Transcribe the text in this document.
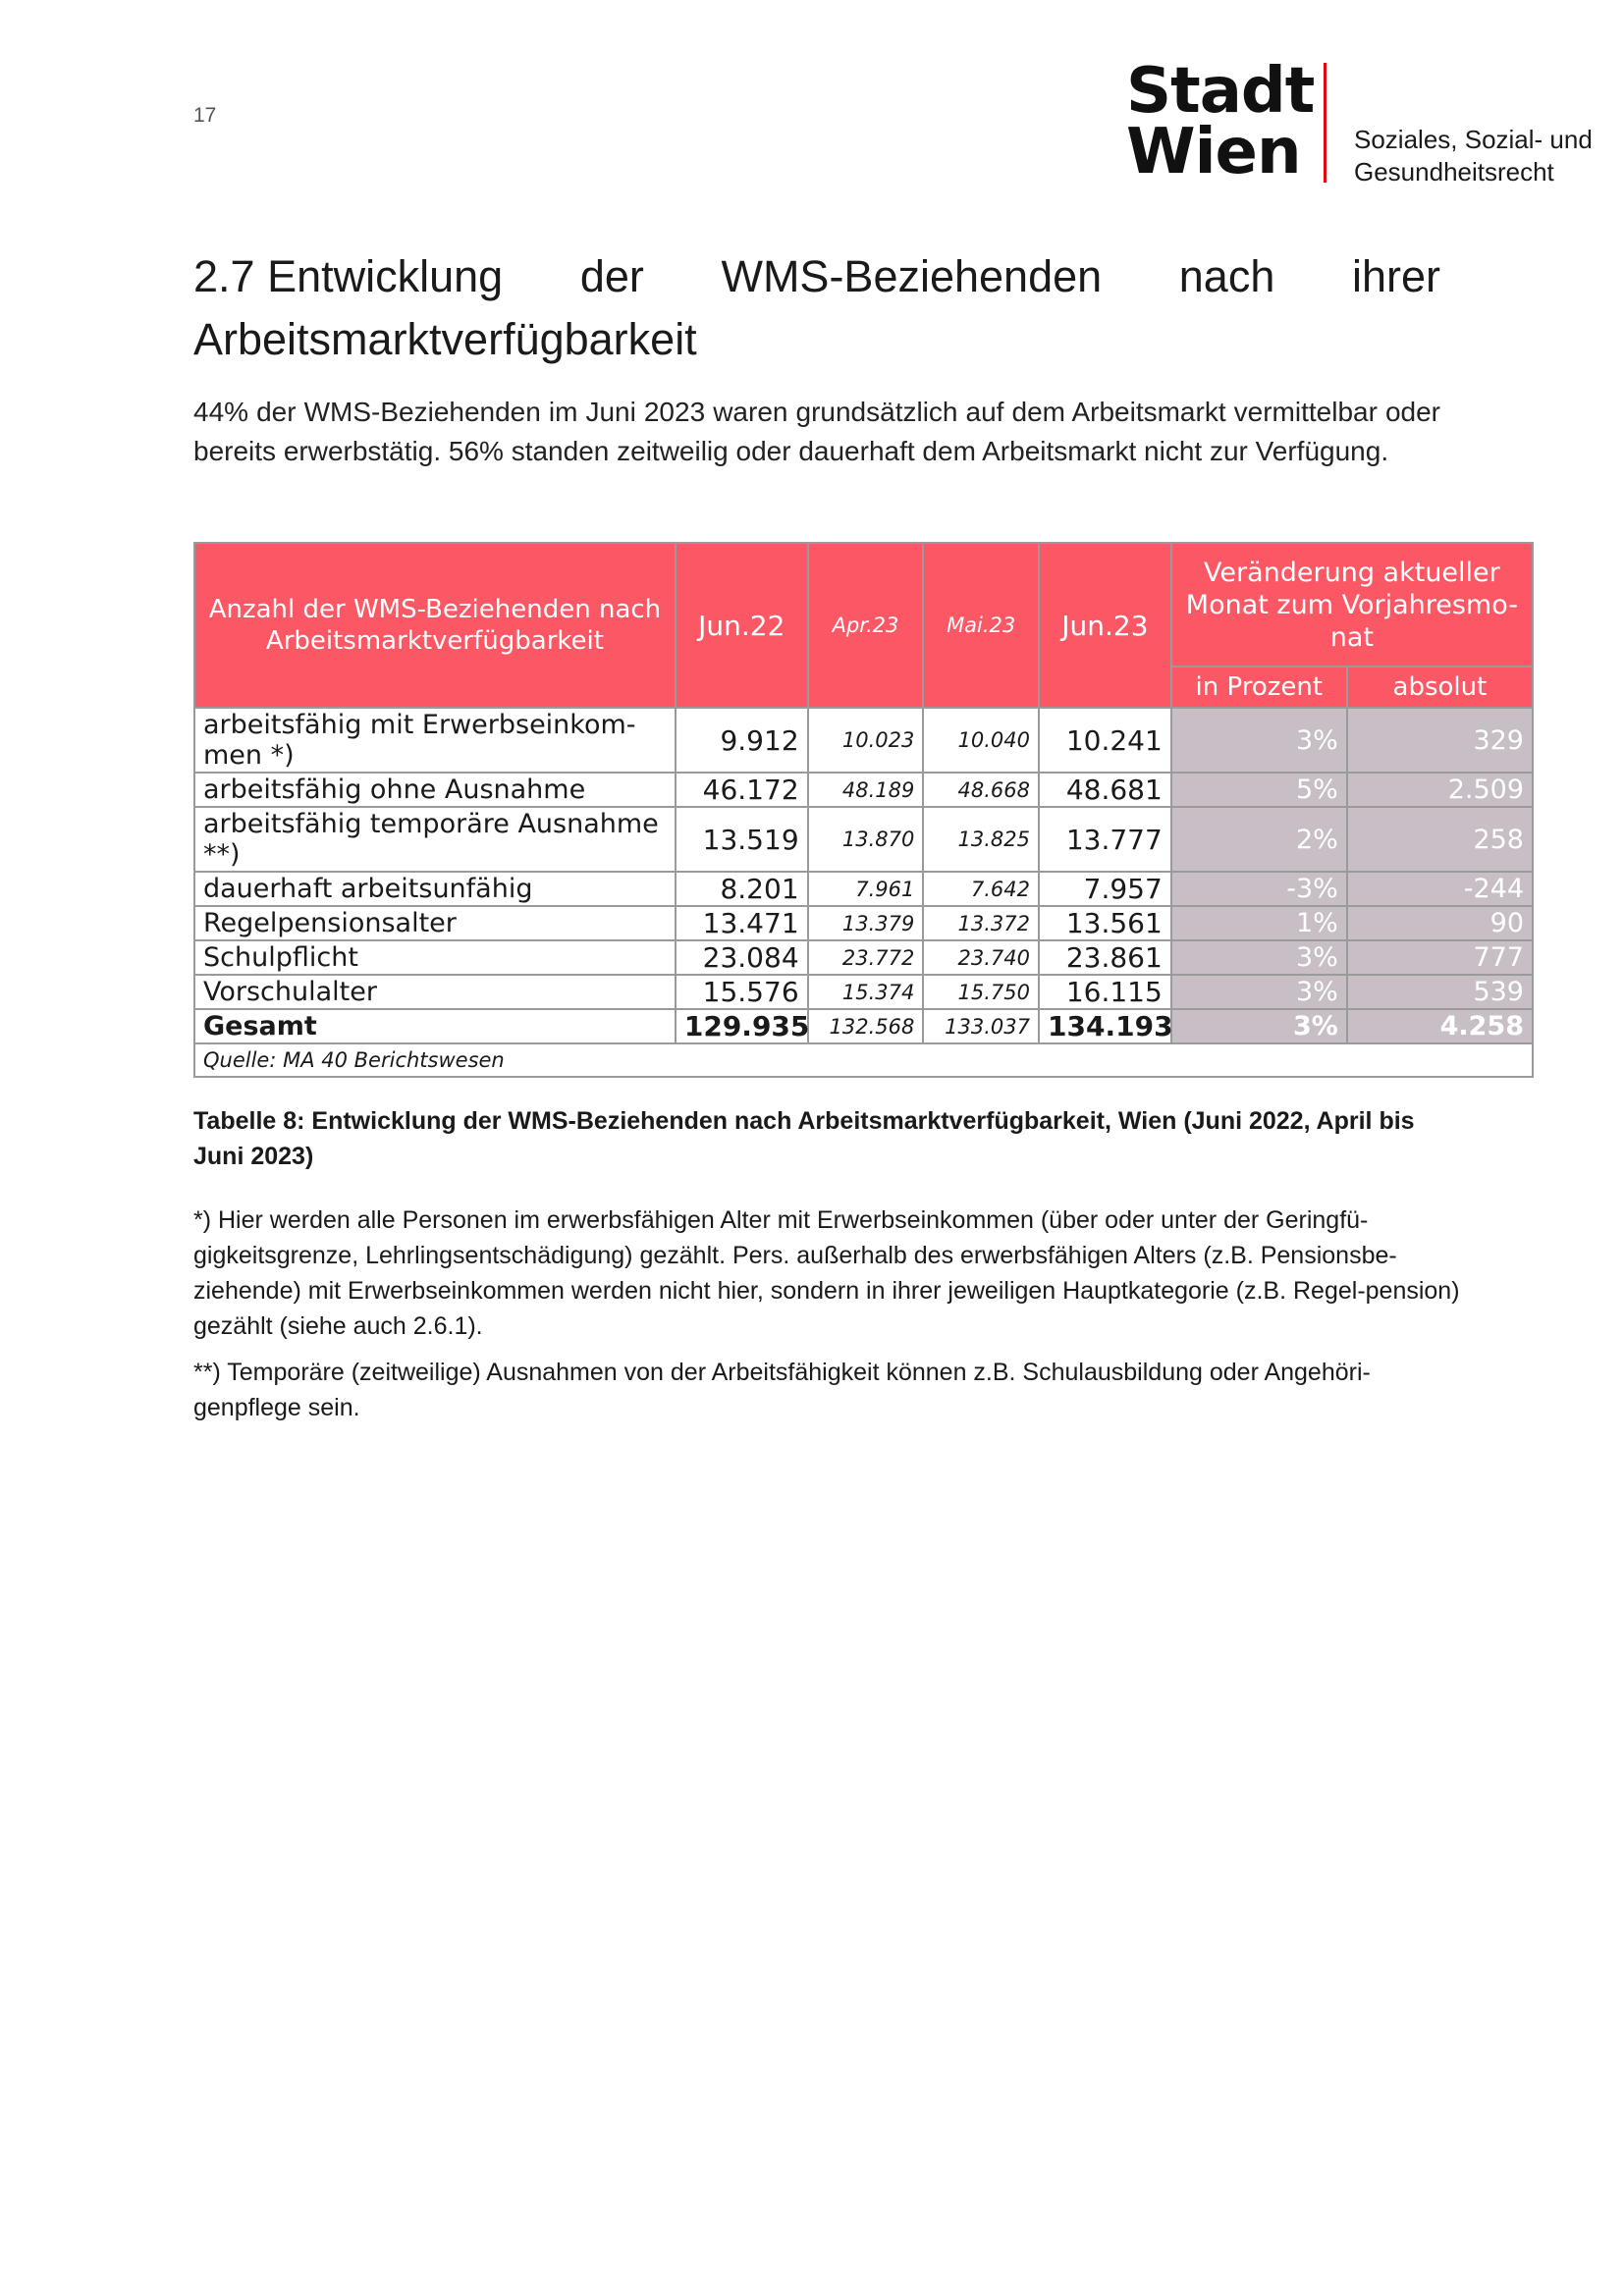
17	Stadt
Wien	Soziales, Sozial- und
Gesundheitsrecht
2.7 Entwicklung der WMS-Beziehenden nach ihrer
Arbeitsmarktverfügbarkeit
44% der WMS-Beziehenden im Juni 2023 waren grundsätzlich auf dem Arbeitsmarkt vermittelbar oder bereits erwerbstätig. 56% standen zeitweilig oder dauerhaft dem Arbeitsmarkt nicht zur Verfügung.
Anzahl der WMS-Beziehenden nach Arbeitsmarktverfügbarkeit	Jun.22	Apr.23	Mai.23	Jun.23	Veränderung aktueller Monat zum Vorjahresmo-nat	
					in Prozent	absolut
arbeitsfähig mit Erwerbseinkom-men *)	9.912	10.023	10.040	10.241	3%	329
arbeitsfähig ohne Ausnahme	46.172	48.189	48.668	48.681	5%	2.509
arbeitsfähig temporäre Ausnahme **)	13.519	13.870	13.825	13.777	2%	258
dauerhaft arbeitsunfähig	8.201	7.961	7.642	7.957	-3%	-244
Regelpensionsalter	13.471	13.379	13.372	13.561	1%	90
Schulpflicht	23.084	23.772	23.740	23.861	3%	777
Vorschulalter	15.576	15.374	15.750	16.115	3%	539
Gesamt	129.935	132.568	133.037	134.193	3%	4.258
Quelle: MA 40 Berichtswesen						
Tabelle 8: Entwicklung der WMS-Beziehenden nach Arbeitsmarktverfügbarkeit, Wien (Juni 2022, April bis Juni 2023)
*) Hier werden alle Personen im erwerbsfähigen Alter mit Erwerbseinkommen (über oder unter der Geringfü-gigkeitsgrenze, Lehrlingsentschädigung) gezählt. Pers. außerhalb des erwerbsfähigen Alters (z.B. Pensionsbe-ziehende) mit Erwerbseinkommen werden nicht hier, sondern in ihrer jeweiligen Hauptkategorie (z.B. Regel-pension) gezählt (siehe auch 2.6.1).
**) Temporäre (zeitweilige) Ausnahmen von der Arbeitsfähigkeit können z.B. Schulausbildung oder Angehöri-genpflege sein.
